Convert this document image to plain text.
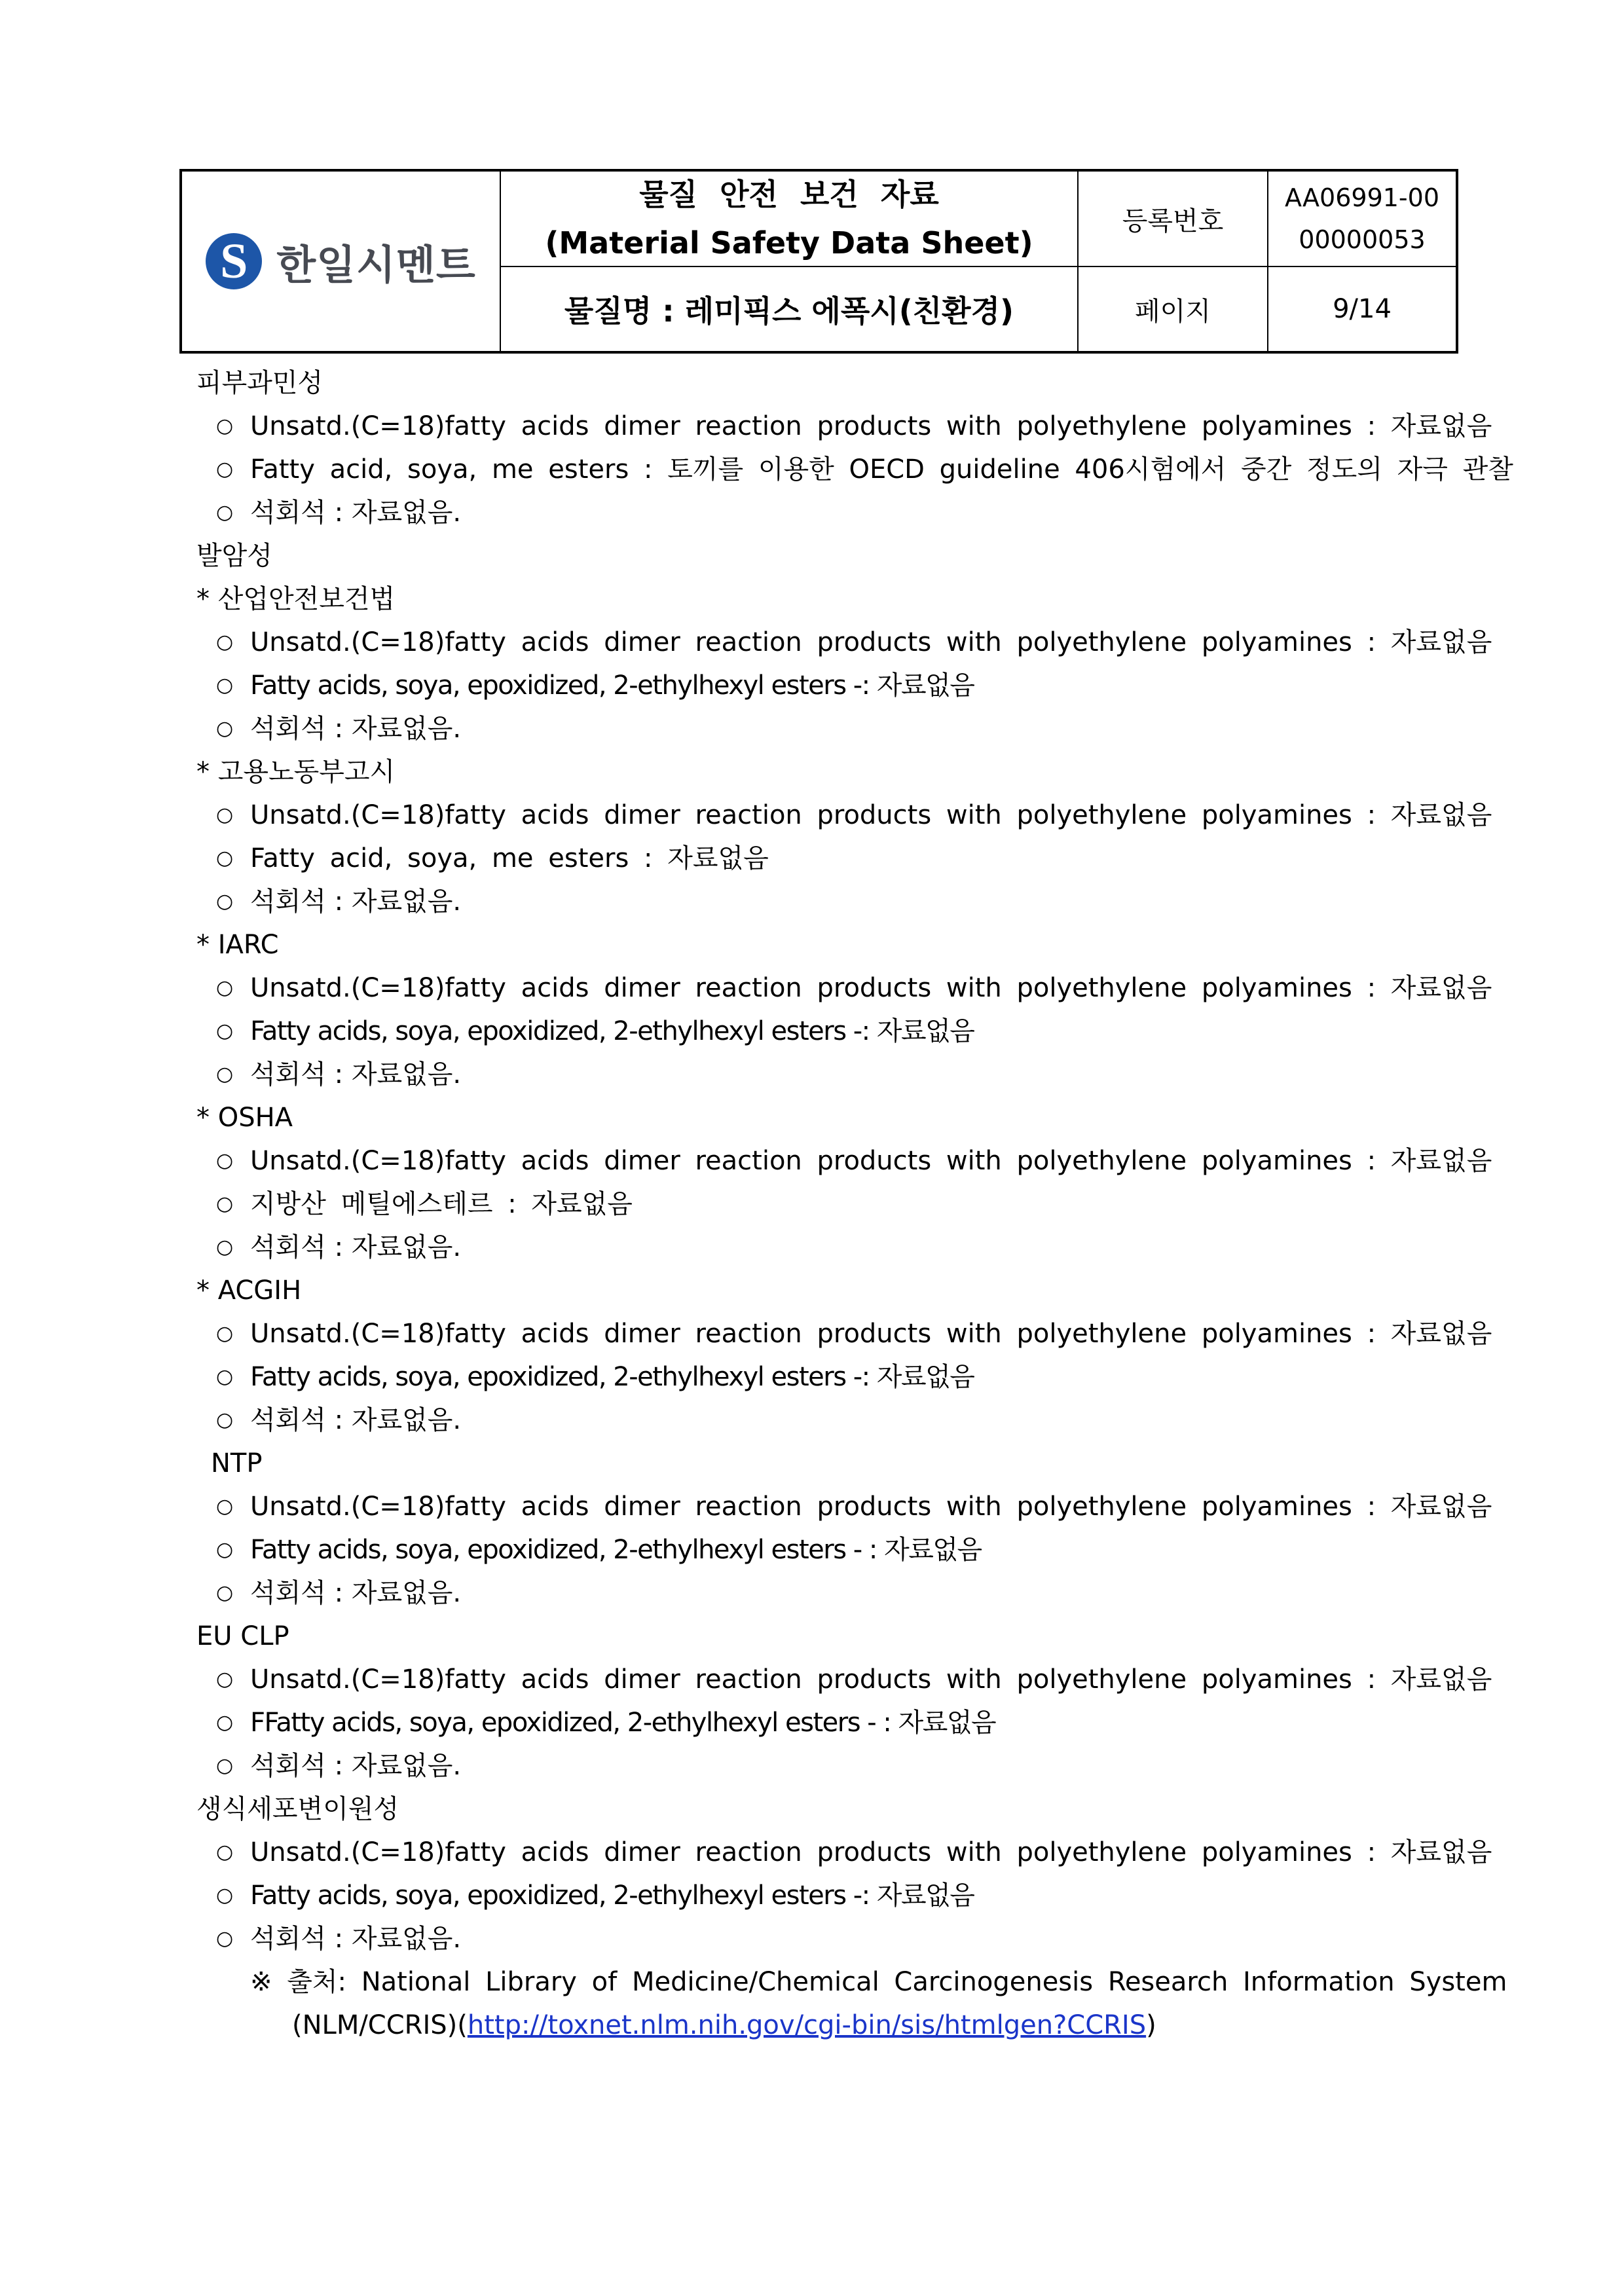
S 한일시멘트
물질 안전 보건 자료
(Material Safety Data Sheet)
물질명 : 레미픽스 에폭시(친환경)
등록번호
AA06991-00
00000053
페이지	9/14
피부과민성
○ Unsatd.(C=18)fatty acids dimer reaction products with polyethylene polyamines : 자료없음
○ Fatty acid, soya, me esters : 토끼를 이용한 OECD guideline 406시험에서 중간 정도의 자극 관찰
○ 석회석 : 자료없음.
발암성
* 산업안전보건법
○ Unsatd.(C=18)fatty acids dimer reaction products with polyethylene polyamines : 자료없음
○ Fatty acids, soya, epoxidized, 2-ethylhexyl esters -: 자료없음
○ 석회석 : 자료없음.
* 고용노동부고시
○ Unsatd.(C=18)fatty acids dimer reaction products with polyethylene polyamines : 자료없음
○ Fatty acid, soya, me esters : 자료없음
○ 석회석 : 자료없음.
* IARC
○ Unsatd.(C=18)fatty acids dimer reaction products with polyethylene polyamines : 자료없음
○ Fatty acids, soya, epoxidized, 2-ethylhexyl esters -: 자료없음
○ 석회석 : 자료없음.
* OSHA
○ Unsatd.(C=18)fatty acids dimer reaction products with polyethylene polyamines : 자료없음
○ 지방산 메틸에스테르 : 자료없음
○ 석회석 : 자료없음.
* ACGIH
○ Unsatd.(C=18)fatty acids dimer reaction products with polyethylene polyamines : 자료없음
○ Fatty acids, soya, epoxidized, 2-ethylhexyl esters -: 자료없음
○ 석회석 : 자료없음.
NTP
○ Unsatd.(C=18)fatty acids dimer reaction products with polyethylene polyamines : 자료없음
○ Fatty acids, soya, epoxidized, 2-ethylhexyl esters - : 자료없음
○ 석회석 : 자료없음.
EU CLP
○ Unsatd.(C=18)fatty acids dimer reaction products with polyethylene polyamines : 자료없음
○ FFatty acids, soya, epoxidized, 2-ethylhexyl esters - : 자료없음
○ 석회석 : 자료없음.
생식세포변이원성
○ Unsatd.(C=18)fatty acids dimer reaction products with polyethylene polyamines : 자료없음
○ Fatty acids, soya, epoxidized, 2-ethylhexyl esters -: 자료없음
○ 석회석 : 자료없음.
※ 출처: National Library of Medicine/Chemical Carcinogenesis Research Information System
(NLM/CCRIS)(http://toxnet.nlm.nih.gov/cgi-bin/sis/htmlgen?CCRIS)
